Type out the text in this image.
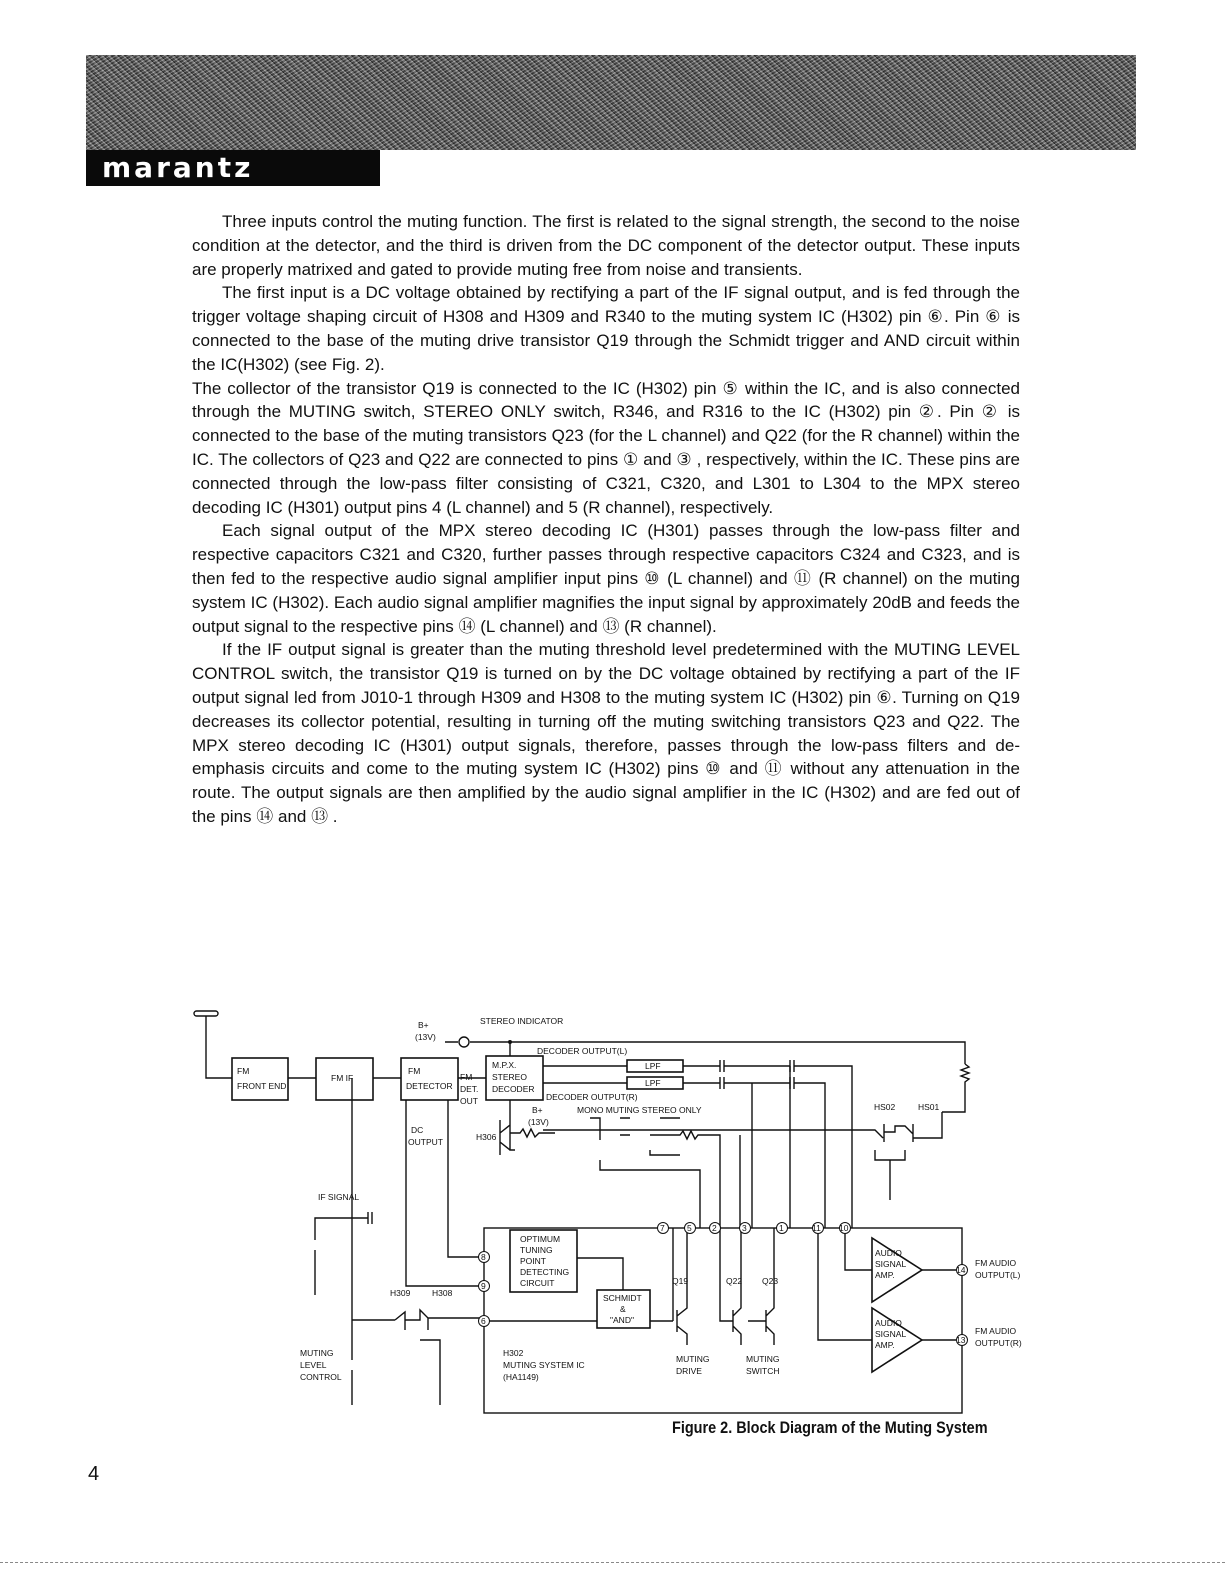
marantz

Three inputs control the muting function. The first is related to the signal strength, the second to the noise condition at the detector, and the third is driven from the DC component of the detector output. These inputs are properly matrixed and gated to provide muting free from noise and transients.

The first input is a DC voltage obtained by rectifying a part of the IF signal output, and is fed through the trigger voltage shaping circuit of H308 and H309 and R340 to the muting system IC (H302) pin ⑥. Pin ⑥ is connected to the base of the muting drive transistor Q19 through the Schmidt trigger and AND circuit within the IC(H302) (see Fig. 2).

The collector of the transistor Q19 is connected to the IC (H302) pin ⑤ within the IC, and is also connected through the MUTING switch, STEREO ONLY switch, R346, and R316 to the IC (H302) pin ②. Pin ② is connected to the base of the muting transistors Q23 (for the L channel) and Q22 (for the R channel) within the IC. The collectors of Q23 and Q22 are connected to pins ① and ③ , respectively, within the IC. These pins are connected through the low-pass filter consisting of C321, C320, and L301 to L304 to the MPX stereo decoding IC (H301) output pins 4 (L channel) and 5 (R channel), respectively.

Each signal output of the MPX stereo decoding IC (H301) passes through the low-pass filter and respective capacitors C321 and C320, further passes through respective capacitors C324 and C323, and is then fed to the respective audio signal amplifier input pins ⑩ (L channel) and ⑪ (R channel) on the muting system IC (H302). Each audio signal amplifier magnifies the input signal by approximately 20dB and feeds the output signal to the respective pins ⑭ (L channel) and ⑬ (R channel).

If the IF output signal is greater than the muting threshold level predetermined with the MUTING LEVEL CONTROL switch, the transistor Q19 is turned on by the DC voltage obtained by rectifying a part of the IF output signal led from J010-1 through H309 and H308 to the muting system IC (H302) pin ⑥. Turning on Q19 decreases its collector potential, resulting in turning off the muting switching transistors Q23 and Q22. The MPX stereo decoding IC (H301) output signals, therefore, passes through the low-pass filters and de-emphasis circuits and come to the muting system IC (H302) pins ⑩ and ⑪ without any attenuation in the route. The output signals are then amplified by the audio signal amplifier in the IC (H302) and are fed out of the pins ⑭ and ⑬ .

FM
FRONT END
FM IF
FM
DETECTOR
FM
DET.
OUT
M.P.X.
STEREO
DECODER
STEREO INDICATOR
B+
(13V)
DECODER OUTPUT(L)
DECODER OUTPUT(R)
LPF
LPF
B+
(13V)
MONO MUTING STEREO ONLY
H306
HS02	HS01
DC
OUTPUT
IF SIGNAL
MUTING
LEVEL
CONTROL
H309	H308
H302
MUTING SYSTEM IC
(HA1149)
OPTIMUM
TUNING
POINT
DETECTING
CIRCUIT
SCHMIDT
&
"AND"
Q19	Q22 Q23
MUTING
DRIVE
MUTING
SWITCH
AUDIO
SIGNAL
AMP.
AUDIO
SIGNAL
AMP.
FM AUDIO
OUTPUT(L)
FM AUDIO
OUTPUT(R)
7	5 2	3	1	11 10
8
9
6
14
13
Figure 2. Block Diagram of the Muting System
4
